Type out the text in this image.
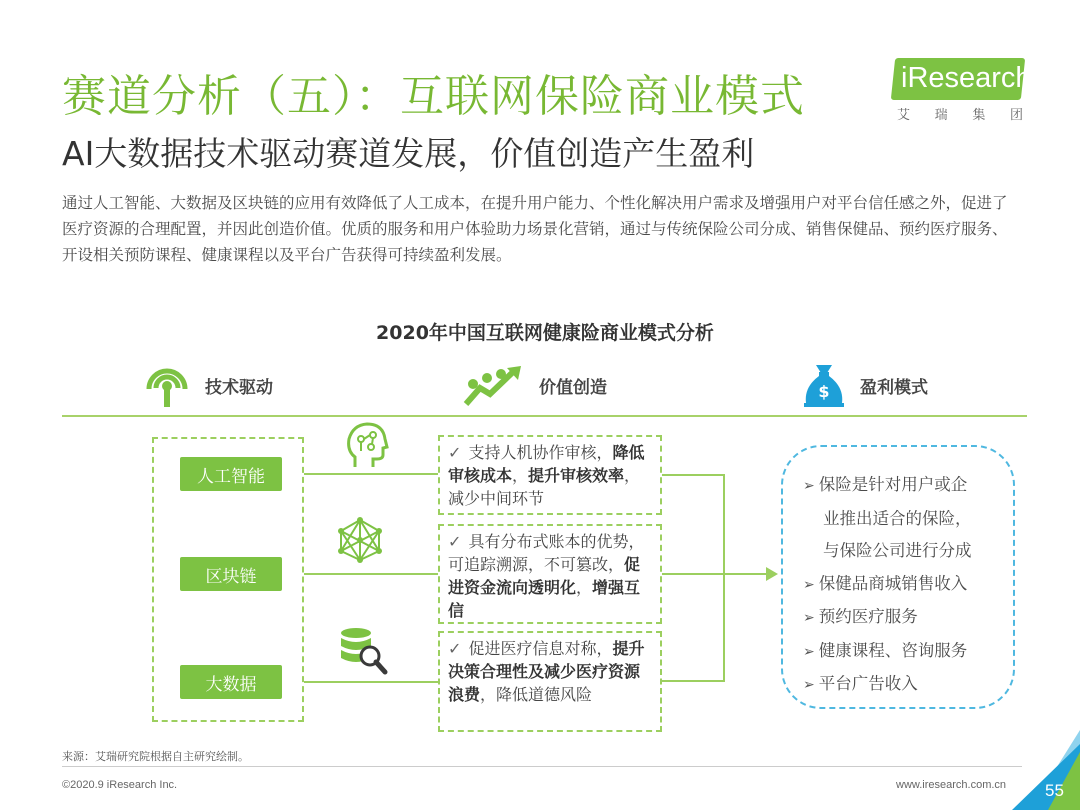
赛道分析（五）：互联网保险商业模式
AI大数据技术驱动赛道发展，价值创造产生盈利
通过人工智能、大数据及区块链的应用有效降低了人工成本，在提升用户能力、个性化解决用户需求及增强用户对平台信任感之外，促进了医疗资源的合理配置，并因此创造价值。优质的服务和用户体验助力场景化营销，通过与传统保险公司分成、销售保健品、预约医疗服务、开设相关预防课程、健康课程以及平台广告获得可持续盈利发展。
iResearch
艾 瑞 集 团
2020年中国互联网健康险商业模式分析
技术驱动	价值创造	$ 盈利模式
人工智能
区块链
大数据
✓ 支持人机协作审核，降低审核成本，提升审核效率，减少中间环节
✓ 具有分布式账本的优势，可追踪溯源，不可篡改，促进资金流向透明化，增强互信
✓ 促进医疗信息对称，提升决策合理性及减少医疗资源浪费，降低道德风险
➢ 保险是针对用户或企
业推出适合的保险，
与保险公司进行分成
➢ 保健品商城销售收入
➢ 预约医疗服务
➢ 健康课程、咨询服务
➢ 平台广告收入
来源：艾瑞研究院根据自主研究绘制。
©2020.9 iResearch Inc.	www.iresearch.com.cn 55
